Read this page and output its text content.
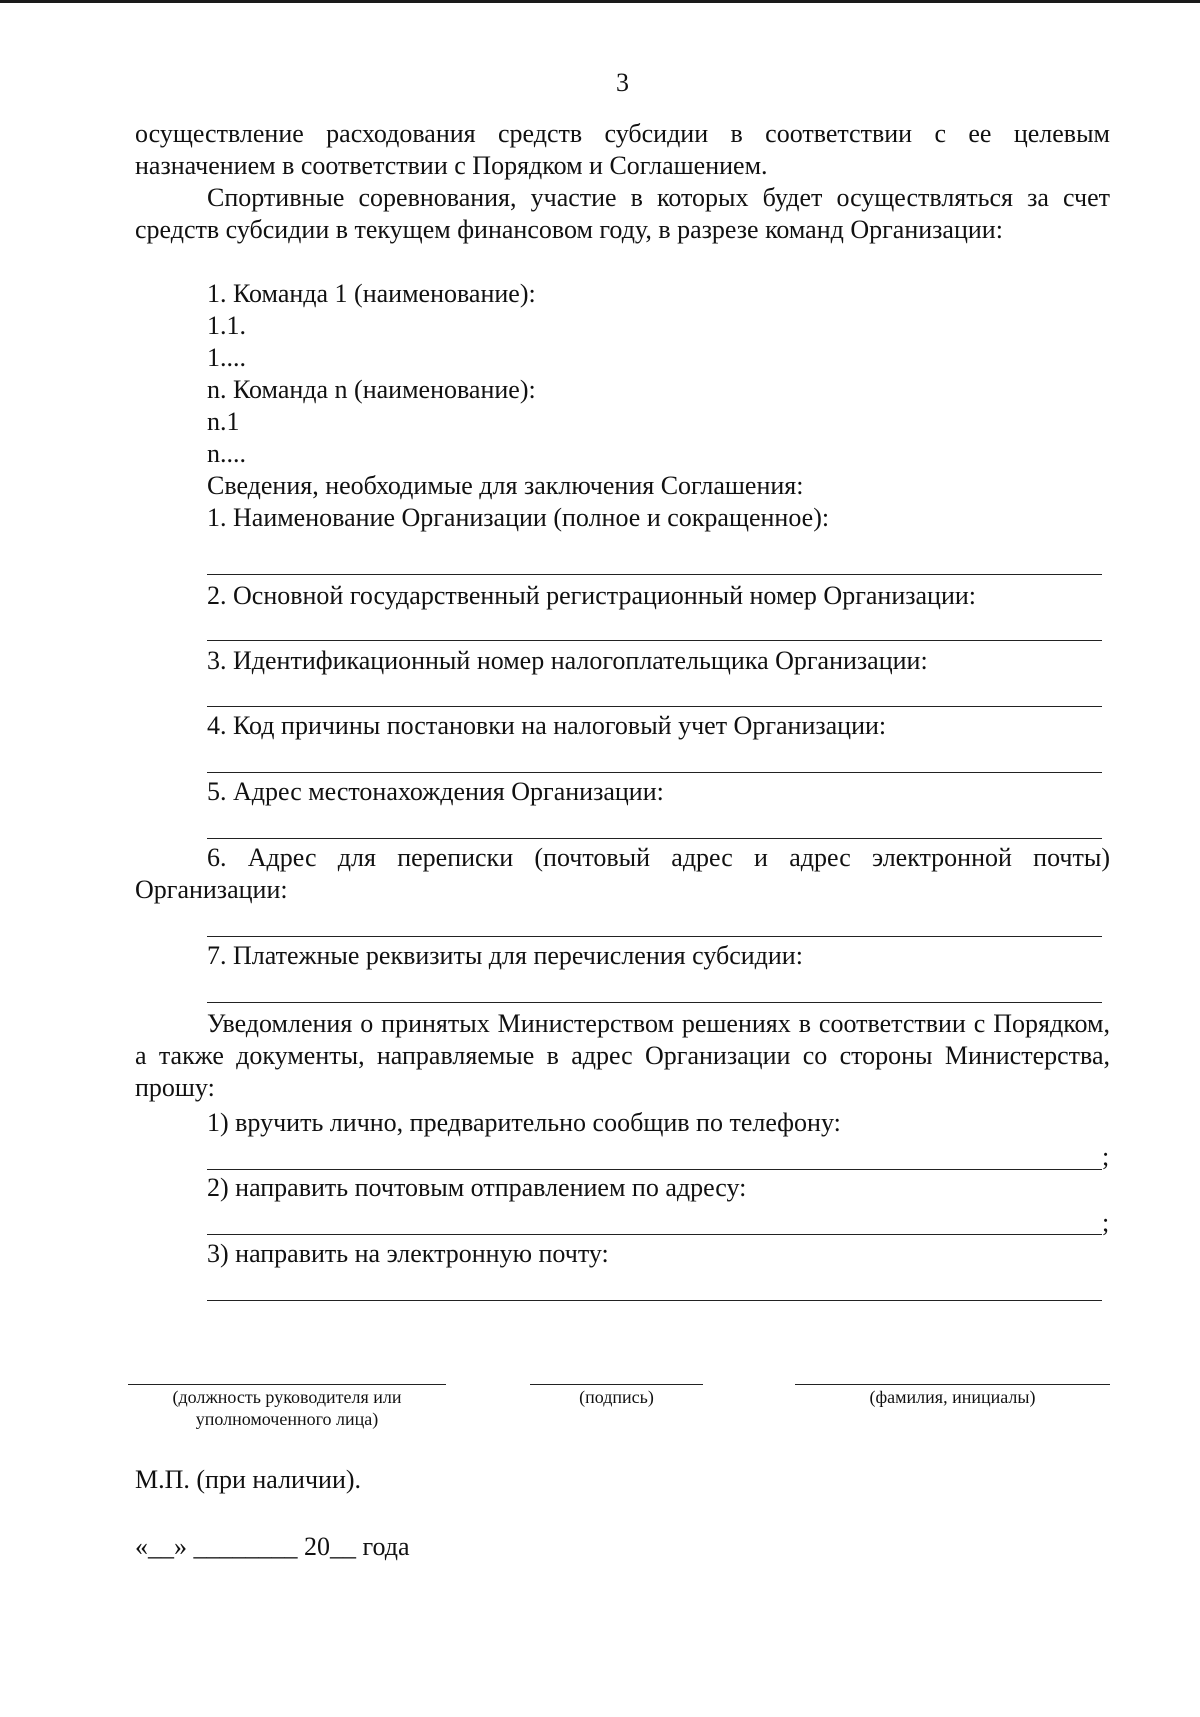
3
осуществление расходования средств субсидии в соответствии с ее целевым назначением в соответствии с Порядком и Соглашением.
Спортивные соревнования, участие в которых будет осуществляться за счет средств субсидии в текущем финансовом году, в разрезе команд Организации:
1. Команда 1 (наименование):
1.1.
1....
n. Команда n (наименование):
n.1
n....
Сведения, необходимые для заключения Соглашения:
1. Наименование Организации (полное и сокращенное):
2. Основной государственный регистрационный номер Организации:
3. Идентификационный номер налогоплательщика Организации:
4. Код причины постановки на налоговый учет Организации:
5. Адрес местонахождения Организации:
6. Адрес для переписки (почтовый адрес и адрес электронной почты) Организации:
7. Платежные реквизиты для перечисления субсидии:
Уведомления о принятых Министерством решениях в соответствии с Порядком, а также документы, направляемые в адрес Организации со стороны Министерства, прошу:
1) вручить лично, предварительно сообщив по телефону:
;
2) направить почтовым отправлением по адресу:
;
3) направить на электронную почту:
(должность руководителя или уполномоченного лица)
(подпись)	(фамилия, инициалы)
М.П. (при наличии).
«__» ________ 20__ года
